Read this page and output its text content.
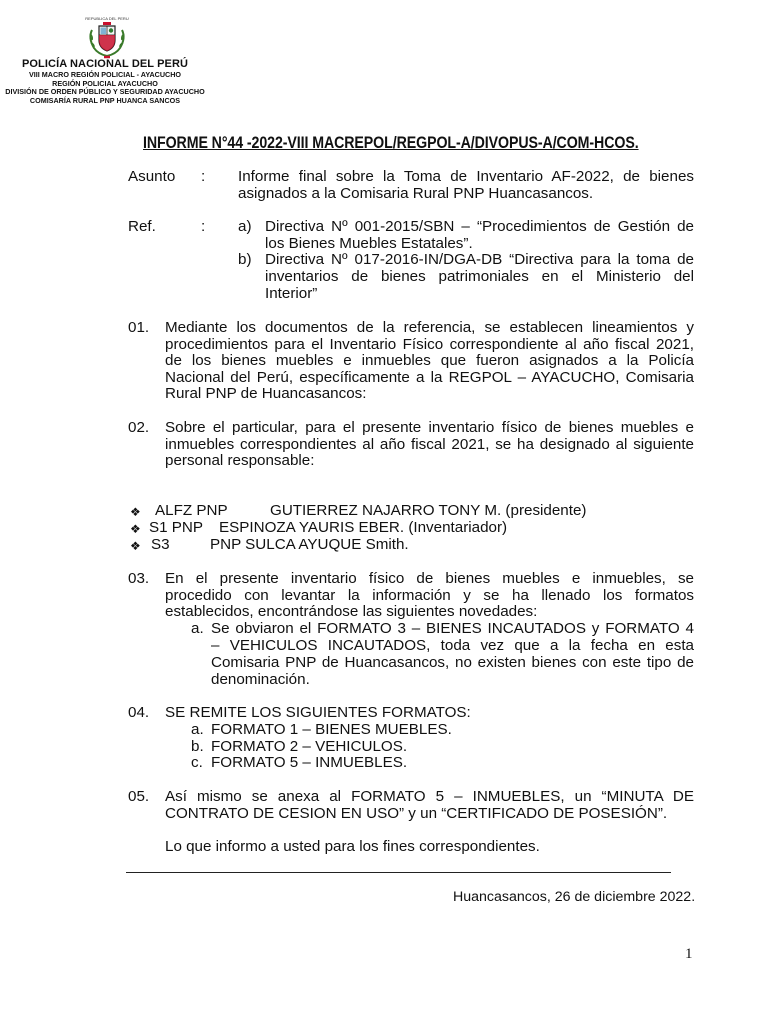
REPUBLICA DEL PERU
POLICÍA NACIONAL DEL PERÚ
VIII MACRO REGIÓN POLICIAL - AYACUCHO
REGIÓN POLICIAL AYACUCHO
DIVISIÓN DE ORDEN PÚBLICO Y SEGURIDAD AYACUCHO
COMISARÍA RURAL PNP HUANCA SANCOS
INFORME N°44 -2022-VIII MACREPOL/REGPOL-A/DIVOPUS-A/COM-HCOS.
Asunto : Informe final sobre la Toma de Inventario AF-2022, de bienes
asignados a la Comisaria Rural PNP Huancasancos.
Ref.	: a) Directiva Nº 001-2015/SBN – “Procedimientos de Gestión de
los Bienes Muebles Estatales”.
b) Directiva Nº 017-2016-IN/DGA-DB “Directiva para la toma de
inventarios de bienes patrimoniales en el Ministerio del
Interior”
01. Mediante los documentos de la referencia, se establecen lineamientos y
procedimientos para el Inventario Físico correspondiente al año fiscal 2021,
de los bienes muebles e inmuebles que fueron asignados a la Policía
Nacional del Perú, específicamente a la REGPOL – AYACUCHO, Comisaria
Rural PNP de Huancasancos:
02. Sobre el particular, para el presente inventario físico de bienes muebles e
inmuebles correspondientes al año fiscal 2021, se ha designado al siguiente
personal responsable:
❖ ALFZ PNP	GUTIERREZ NAJARRO TONY M. (presidente)
❖ S1 PNP ESPINOZA YAURIS EBER. (Inventariador)
❖ S3	PNP SULCA AYUQUE Smith.
03. En el presente inventario físico de bienes muebles e inmuebles, se
procedido con levantar la información y se ha llenado los formatos
establecidos, encontrándose las siguientes novedades:
a. Se obviaron el FORMATO 3 – BIENES INCAUTADOS y FORMATO 4
– VEHICULOS INCAUTADOS, toda vez que a la fecha en esta
Comisaria PNP de Huancasancos, no existen bienes con este tipo de
denominación.
04. SE REMITE LOS SIGUIENTES FORMATOS:
a. FORMATO 1 – BIENES MUEBLES.
b. FORMATO 2 – VEHICULOS.
c. FORMATO 5 – INMUEBLES.
05. Así mismo se anexa al FORMATO 5 – INMUEBLES, un “MINUTA DE
CONTRATO DE CESION EN USO” y un “CERTIFICADO DE POSESIÓN”.
Lo que informo a usted para los fines correspondientes.
Huancasancos, 26 de diciembre 2022.
1
